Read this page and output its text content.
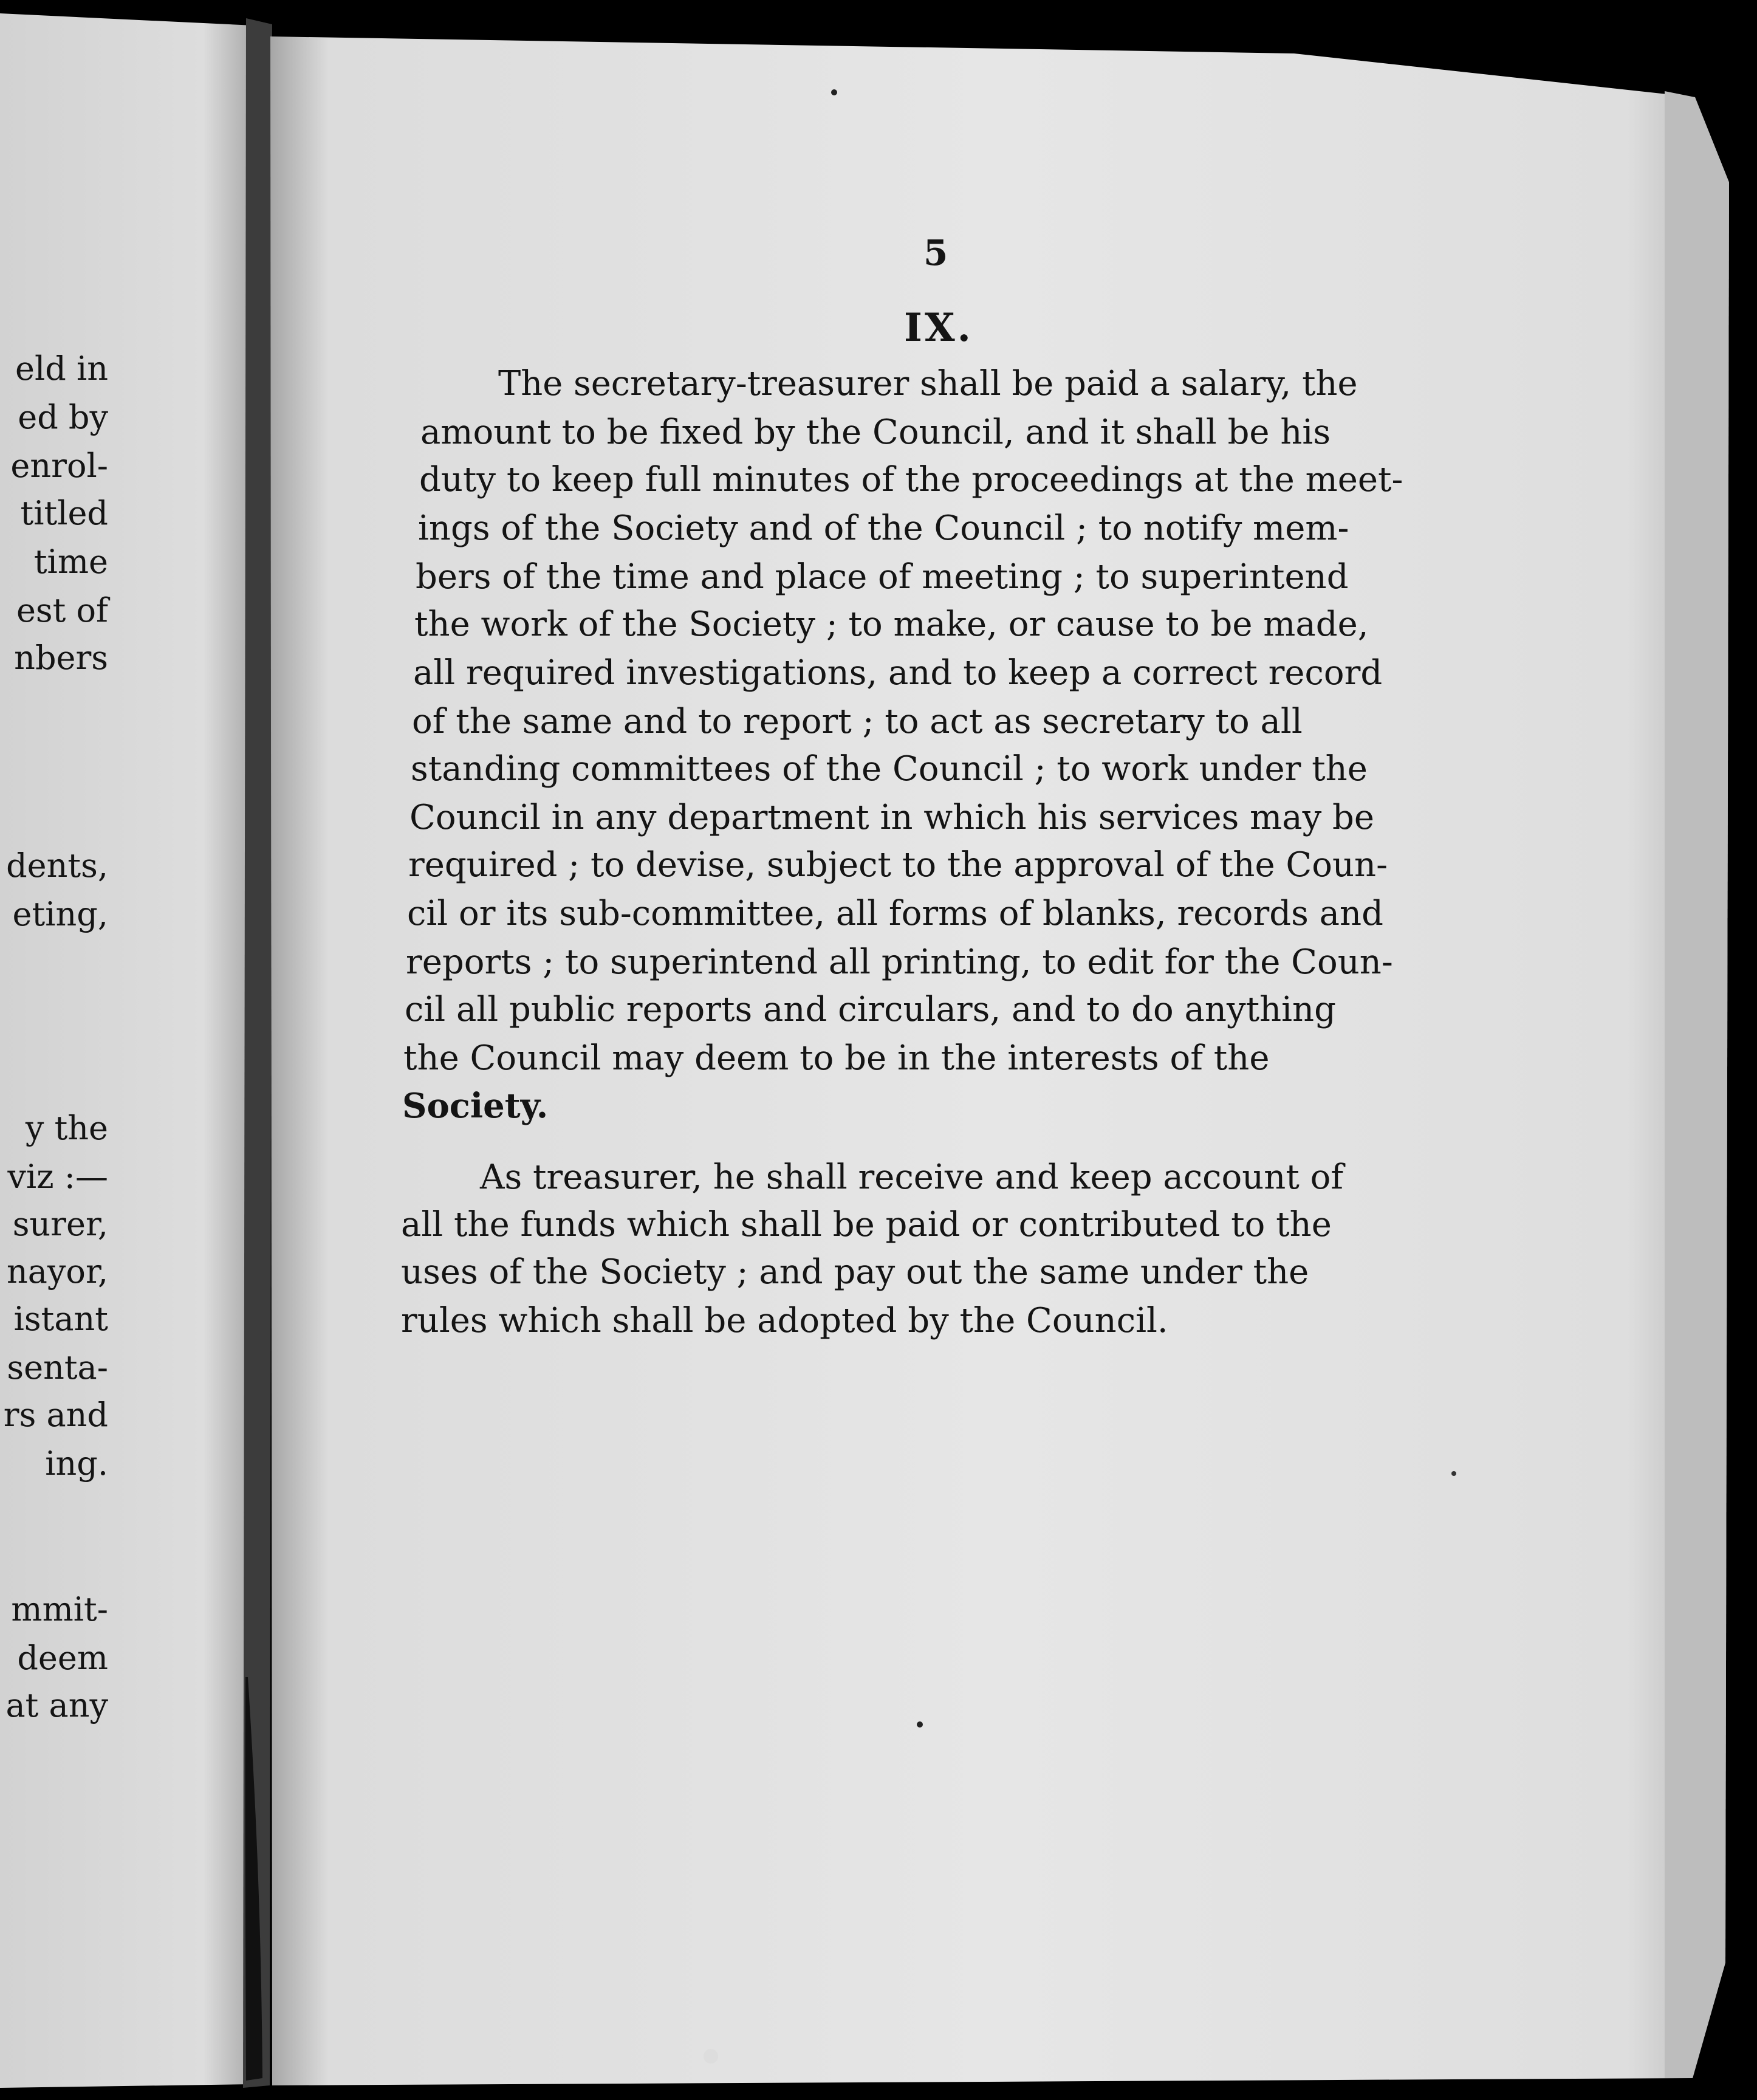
eld in
ed by
enrol-
titled
time
est of
nbers
dents,
eting,
y the
viz :—
surer,
nayor,
istant
senta-
rs and
ing.
mmit-
deem
at any
5
IX.
The secretary-treasurer shall be paid a salary, the
amount to be fixed by the Council, and it shall be his
duty to keep full minutes of the proceedings at the meet-
ings of the Society and of the Council ; to notify mem-
bers of the time and place of meeting ; to superintend
the work of the Society ; to make, or cause to be made,
all required investigations, and to keep a correct record
of the same and to report ; to act as secretary to all
standing committees of the Council ; to work under the
Council in any department in which his services may be
required ; to devise, subject to the approval of the Coun-
cil or its sub-committee, all forms of blanks, records and
reports ; to superintend all printing, to edit for the Coun-
cil all public reports and circulars, and to do anything
the Council may deem to be in the interests of the
Society.
As treasurer, he shall receive and keep account of
all the funds which shall be paid or contributed to the
uses of the Society ; and pay out the same under the
rules which shall be adopted by the Council.
